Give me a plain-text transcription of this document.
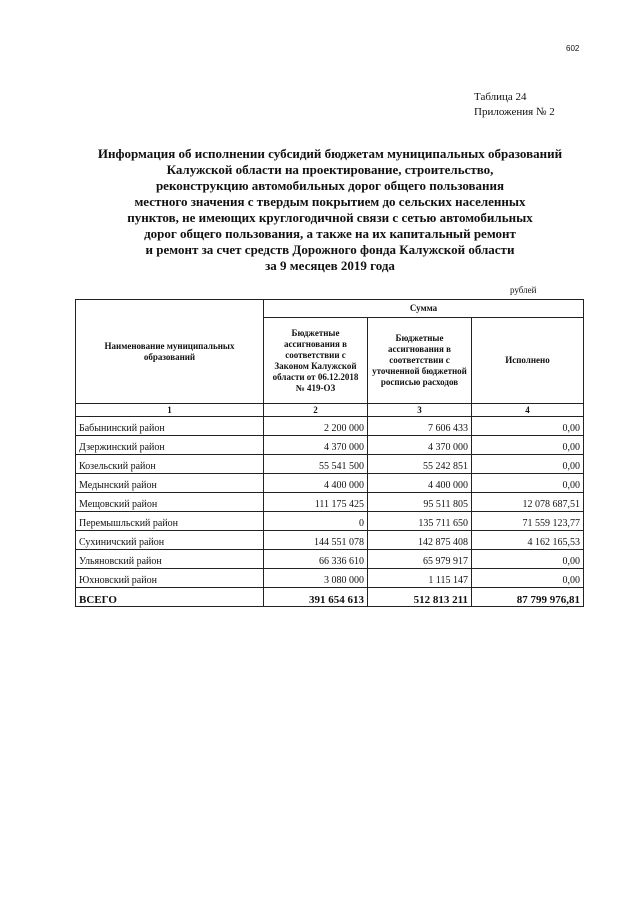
602
Таблица 24
Приложения № 2
Информация об исполнении субсидий бюджетам муниципальных образований
Калужской области на проектирование, строительство,
реконструкцию автомобильных дорог общего пользования
местного значения с твердым покрытием до сельских населенных
пунктов, не имеющих круглогодичной связи с сетью автомобильных
дорог общего пользования, а также на их капитальный ремонт
и ремонт за счет средств Дорожного фонда Калужской области
за 9 месяцев 2019 года
рублей
Наименование муниципальных образований	Сумма		
	Бюджетные ассигнования в соответствии с Законом Калужской области от 06.12.2018 № 419-ОЗ	Бюджетные ассигнования в соответствии с уточненной бюджетной росписью расходов	Исполнено
1	2	3	4
Бабынинский район	2 200 000	7 606 433	0,00
Дзержинский район	4 370 000	4 370 000	0,00
Козельский район	55 541 500	55 242 851	0,00
Медынский район	4 400 000	4 400 000	0,00
Мещовский район	111 175 425	95 511 805	12 078 687,51
Перемышльский район	0	135 711 650	71 559 123,77
Сухиничский район	144 551 078	142 875 408	4 162 165,53
Ульяновский район	66 336 610	65 979 917	0,00
Юхновский район	3 080 000	1 115 147	0,00
ВСЕГО	391 654 613	512 813 211	87 799 976,81
